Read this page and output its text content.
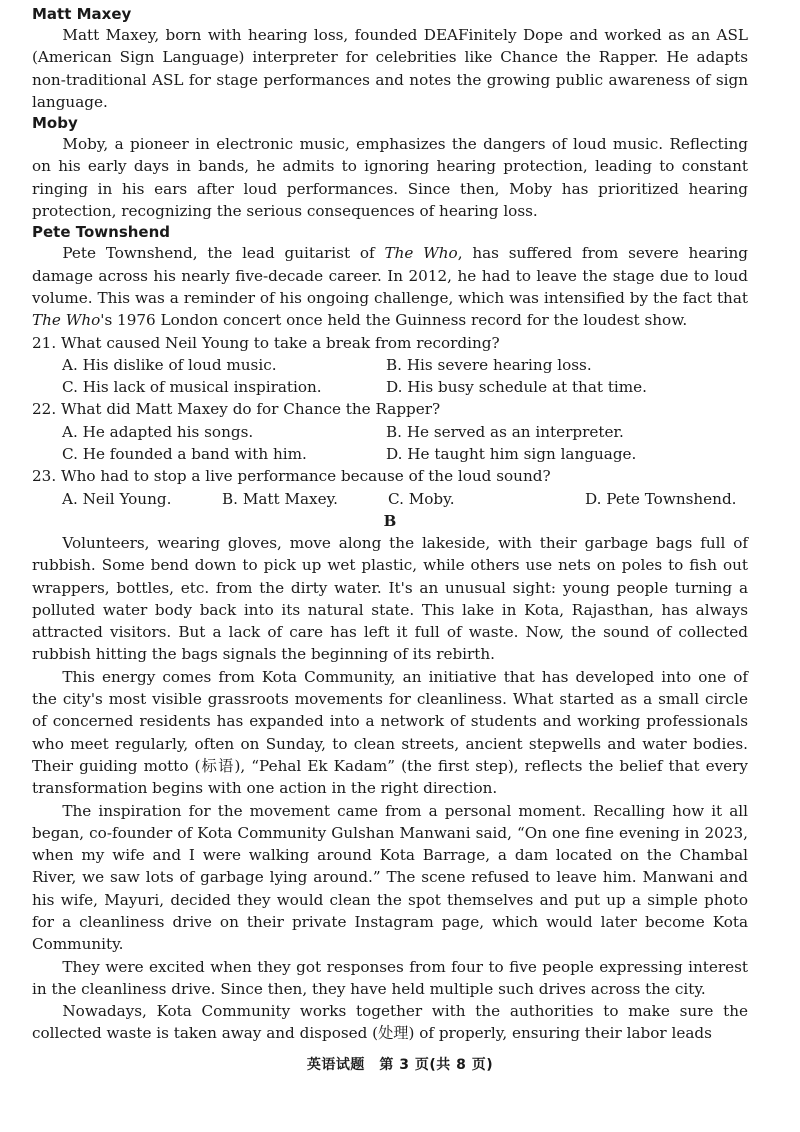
Matt Maxey

Matt Maxey, born with hearing loss, founded DEAFinitely Dope and worked as an ASL (American Sign Language) interpreter for celebrities like Chance the Rapper. He adapts non-traditional ASL for stage performances and notes the growing public awareness of sign language.

Moby

Moby, a pioneer in electronic music, emphasizes the dangers of loud music. Reflecting on his early days in bands, he admits to ignoring hearing protection, leading to constant ringing in his ears after loud performances. Since then, Moby has prioritized hearing protection, recognizing the serious consequences of hearing loss.

Pete Townshend

Pete Townshend, the lead guitarist of The Who, has suffered from severe hearing damage across his nearly five-decade career. In 2012, he had to leave the stage due to loud volume. This was a reminder of his ongoing challenge, which was intensified by the fact that The Who's 1976 London concert once held the Guinness record for the loudest show.

21. What caused Neil Young to take a break from recording?

A. His dislike of loud music.	B. His severe hearing loss.
C. His lack of musical inspiration.	D. His busy schedule at that time.

22. What did Matt Maxey do for Chance the Rapper?

A. He adapted his songs.	B. He served as an interpreter.
C. He founded a band with him.	D. He taught him sign language.

23. Who had to stop a live performance because of the loud sound?

A. Neil Young.	B. Matt Maxey.	C. Moby.	D. Pete Townshend.

B

Volunteers, wearing gloves, move along the lakeside, with their garbage bags full of rubbish. Some bend down to pick up wet plastic, while others use nets on poles to fish out wrappers, bottles, etc. from the dirty water. It's an unusual sight: young people turning a polluted water body back into its natural state. This lake in Kota, Rajasthan, has always attracted visitors. But a lack of care has left it full of waste. Now, the sound of collected rubbish hitting the bags signals the beginning of its rebirth.

This energy comes from Kota Community, an initiative that has developed into one of the city's most visible grassroots movements for cleanliness. What started as a small circle of concerned residents has expanded into a network of students and working professionals who meet regularly, often on Sunday, to clean streets, ancient stepwells and water bodies. Their guiding motto (标语), “Pehal Ek Kadam” (the first step), reflects the belief that every transformation begins with one action in the right direction.

The inspiration for the movement came from a personal moment. Recalling how it all began, co-founder of Kota Community Gulshan Manwani said, “On one fine evening in 2023, when my wife and I were walking around Kota Barrage, a dam located on the Chambal River, we saw lots of garbage lying around.” The scene refused to leave him. Manwani and his wife, Mayuri, decided they would clean the spot themselves and put up a simple photo for a cleanliness drive on their private Instagram page, which would later become Kota Community.

They were excited when they got responses from four to five people expressing interest in the cleanliness drive. Since then, they have held multiple such drives across the city.

Nowadays, Kota Community works together with the authorities to make sure the collected waste is taken away and disposed (处理) of properly, ensuring their labor leads

英语试题　第 3 页(共 8 页)
